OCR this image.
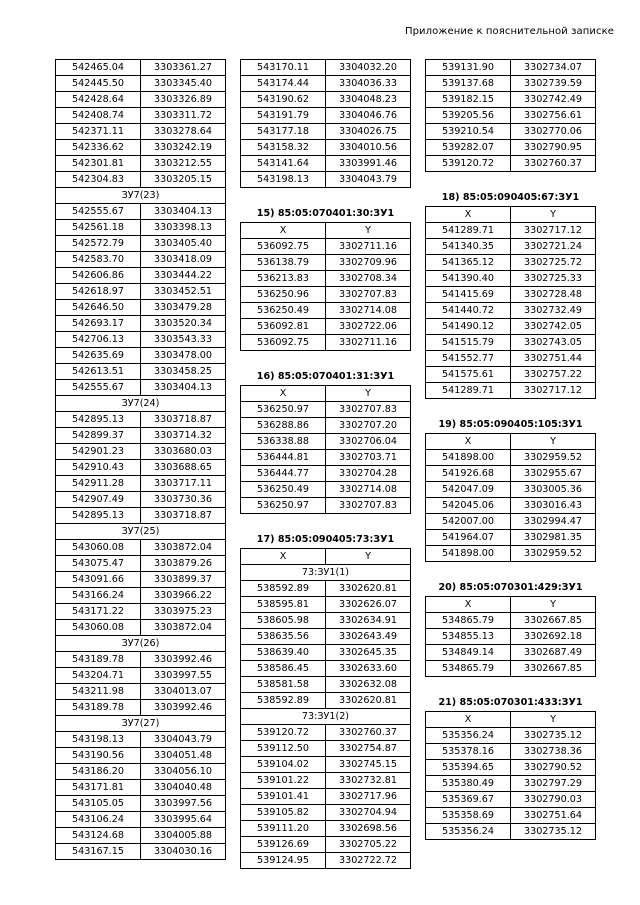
Приложение к пояснительной записке
542465.04	3303361.27
542445.50	3303345.40
542428.64	3303326.89
542408.74	3303311.72
542371.11	3303278.64
542336.62	3303242.19
542301.81	3303212.55
542304.83	3303205.15
ЗУ7(23)	
542555.67	3303404.13
542561.18	3303398.13
542572.79	3303405.40
542583.70	3303418.09
542606.86	3303444.22
542618.97	3303452.51
542646.50	3303479.28
542693.17	3303520.34
542706.13	3303543.33
542635.69	3303478.00
542613.51	3303458.25
542555.67	3303404.13
ЗУ7(24)	
542895.13	3303718.87
542899.37	3303714.32
542901.23	3303680.03
542910.43	3303688.65
542911.28	3303717.11
542907.49	3303730.36
542895.13	3303718.87
ЗУ7(25)	
543060.08	3303872.04
543075.47	3303879.26
543091.66	3303899.37
543166.24	3303966.22
543171.22	3303975.23
543060.08	3303872.04
ЗУ7(26)	
543189.78	3303992.46
543204.71	3303997.55
543211.98	3304013.07
543189.78	3303992.46
ЗУ7(27)	
543198.13	3304043.79
543190.56	3304051.48
543186.20	3304056.10
543171.81	3304040.48
543105.05	3303997.56
543106.24	3303995.64
543124.68	3304005.88
543167.15	3304030.16
543170.11	3304032.20
543174.44	3304036.33
543190.62	3304048.23
543191.79	3304046.76
543177.18	3304026.75
543158.32	3304010.56
543141.64	3303991.46
543198.13	3304043.79
15) 85:05:070401:30:ЗУ1
X	Y
536092.75	3302711.16
536138.79	3302709.96
536213.83	3302708.34
536250.96	3302707.83
536250.49	3302714.08
536092.81	3302722.06
536092.75	3302711.16
16) 85:05:070401:31:ЗУ1
X	Y
536250.97	3302707.83
536288.86	3302707.20
536338.88	3302706.04
536444.81	3302703.71
536444.77	3302704.28
536250.49	3302714.08
536250.97	3302707.83
17) 85:05:090405:73:ЗУ1
X	Y
73:ЗУ1(1)	
538592.89	3302620.81
538595.81	3302626.07
538605.98	3302634.91
538635.56	3302643.49
538639.40	3302645.35
538586.45	3302633.60
538581.58	3302632.08
538592.89	3302620.81
73:ЗУ1(2)	
539120.72	3302760.37
539112.50	3302754.87
539104.02	3302745.15
539101.22	3302732.81
539101.41	3302717.96
539105.82	3302704.94
539111.20	3302698.56
539126.69	3302705.22
539124.95	3302722.72
539131.90	3302734.07
539137.68	3302739.59
539182.15	3302742.49
539205.56	3302756.61
539210.54	3302770.06
539282.07	3302790.95
539120.72	3302760.37
18) 85:05:090405:67:ЗУ1
X	Y
541289.71	3302717.12
541340.35	3302721.24
541365.12	3302725.72
541390.40	3302725.33
541415.69	3302728.48
541440.72	3302732.49
541490.12	3302742.05
541515.79	3302743.05
541552.77	3302751.44
541575.61	3302757.22
541289.71	3302717.12
19) 85:05:090405:105:ЗУ1
X	Y
541898.00	3302959.52
541926.68	3302955.67
542047.09	3303005.36
542045.06	3303016.43
542007.00	3302994.47
541964.07	3302981.35
541898.00	3302959.52
20) 85:05:070301:429:ЗУ1
X	Y
534865.79	3302667.85
534855.13	3302692.18
534849.14	3302687.49
534865.79	3302667.85
21) 85:05:070301:433:ЗУ1
X	Y
535356.24	3302735.12
535378.16	3302738.36
535394.65	3302790.52
535380.49	3302797.29
535369.67	3302790.03
535358.69	3302751.64
535356.24	3302735.12
